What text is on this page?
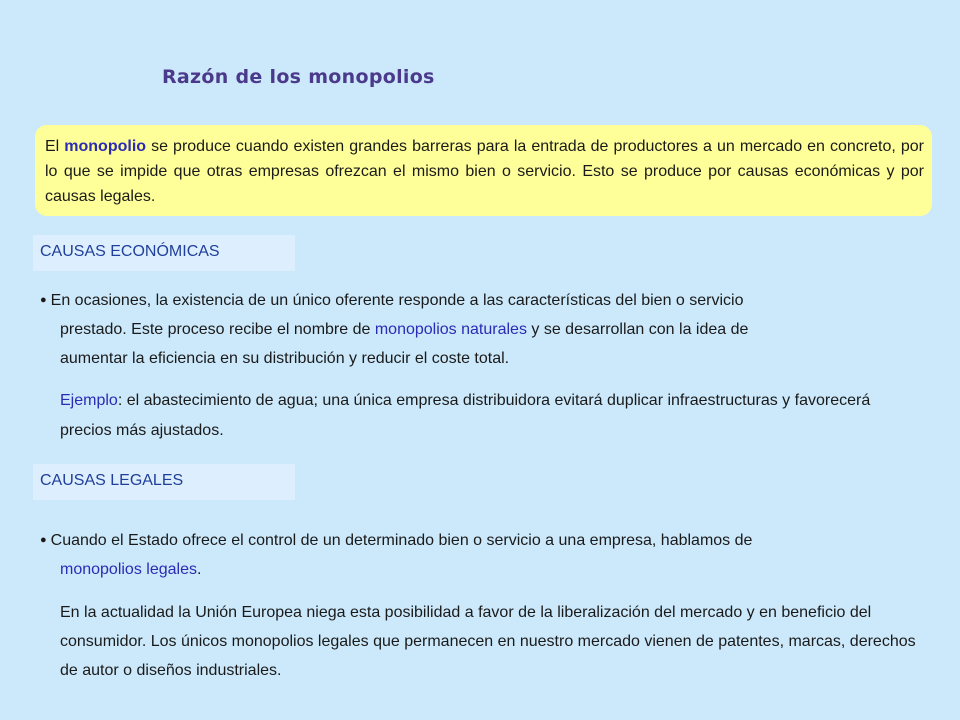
Razón de los monopolios
El monopolio se produce cuando existen grandes barreras para la entrada de productores a un mercado en concreto, por lo que se impide que otras empresas ofrezcan el mismo bien o servicio. Esto se produce por causas económicas y por causas legales.
CAUSAS ECONÓMICAS
● En ocasiones, la existencia de un único oferente responde a las características del bien o servicio
prestado. Este proceso recibe el nombre de monopolios naturales y se desarrollan con la idea de
aumentar la eficiencia en su distribución y reducir el coste total.
Ejemplo: el abastecimiento de agua; una única empresa distribuidora evitará duplicar infraestructuras y favorecerá precios más ajustados.
CAUSAS LEGALES
● Cuando el Estado ofrece el control de un determinado bien o servicio a una empresa, hablamos de
monopolios legales.
En la actualidad la Unión Europea niega esta posibilidad a favor de la liberalización del mercado y en beneficio del consumidor. Los únicos monopolios legales que permanecen en nuestro mercado vienen de patentes, marcas, derechos de autor o diseños industriales.
